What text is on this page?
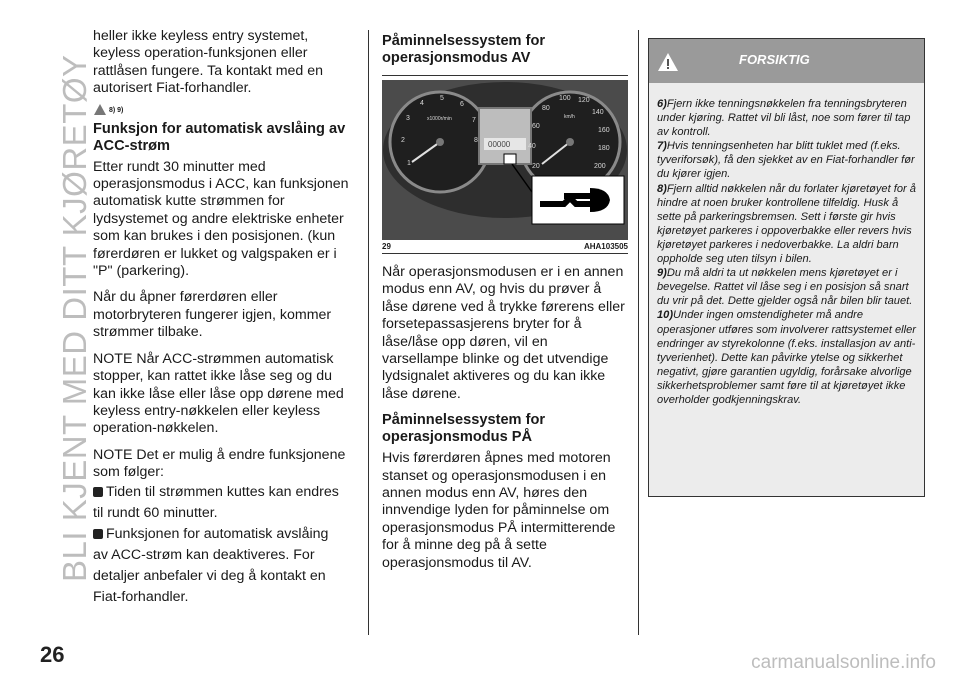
BLI KJENT MED DITT KJØRETØY

heller ikke keyless entry systemet, keyless operation-funksjonen eller rattlåsen fungere. Ta kontakt med en autorisert Fiat-forhandler.

8) 9)
Funksjon for automatisk avslåing av ACC-strøm

Etter rundt 30 minutter med operasjonsmodus i ACC, kan funksjonen automatisk kutte strømmen for lydsystemet og andre elektriske enheter som kan brukes i den posisjonen. (kun førerdøren er lukket og valgspaken er i "P" (parkering).

Når du åpner førerdøren eller motorbryteren fungerer igjen, kommer strømmer tilbake.

NOTE Når ACC-strømmen automatisk stopper, kan rattet ikke låse seg og du kan ikke låse eller låse opp dørene med keyless entry-nøkkelen eller keyless operation-nøkkelen.

NOTE Det er mulig å endre funksjonene som følger:

Tiden til strømmen kuttes kan endres
til rundt 60 minutter.
Funksjonen for automatisk avslåing
av ACC-strøm kan deaktiveres. For
detaljer anbefaler vi deg å kontakt en
Fiat-forhandler.
Påminnelsessystem for operasjonsmodus AV
1
2
3
4
5
6
7
8
x1000r/min
20
40
60
80
100 120
140
160
180
200
km/h
00000
29	AHA103505

Når operasjonsmodusen er i en annen modus enn AV, og hvis du prøver å låse dørene ved å trykke førerens eller forsetepassasjerens bryter for å låse/låse opp døren, vil en varsellampe blinke og det utvendige lydsignalet aktiveres og du kan ikke låse dørene.

Påminnelsessystem for operasjonsmodus PÅ

Hvis førerdøren åpnes med motoren stanset og operasjonsmodusen i en annen modus enn AV, høres den innvendige lyden for påminnelse om operasjonsmodus PÅ intermitterende for å minne deg på å sette operasjonsmodus til AV.

FORSIKTIG
6)Fjern ikke tenningsnøkkelen fra tenningsbryteren under kjøring. Rattet vil bli låst, noe som fører til tap av kontroll.
7)Hvis tenningsenheten har blitt tuklet med (f.eks. tyveriforsøk), få den sjekket av en Fiat-forhandler før du kjører igjen.
8)Fjern alltid nøkkelen når du forlater kjøretøyet for å hindre at noen bruker kontrollene tilfeldig. Husk å sette på parkeringsbremsen. Sett i første gir hvis kjøretøyet parkeres i oppoverbakke eller revers hvis kjøretøyet parkeres i nedoverbakke. La aldri barn oppholde seg uten tilsyn i bilen.
9)Du må aldri ta ut nøkkelen mens kjøretøyet er i bevegelse. Rattet vil låse seg i en posisjon så snart du vrir på det. Dette gjelder også når bilen blir tauet.
10)Under ingen omstendigheter må andre operasjoner utføres som involverer rattsystemet eller endringer av styrekolonne (f.eks. installasjon av anti-tyverienhet). Dette kan påvirke ytelse og sikkerhet negativt, gjøre garantien ugyldig, forårsake alvorlige sikkerhetsproblemer samt føre til at kjøretøyet ikke overholder godkjenningskrav.
26	carmanualsonline.info
